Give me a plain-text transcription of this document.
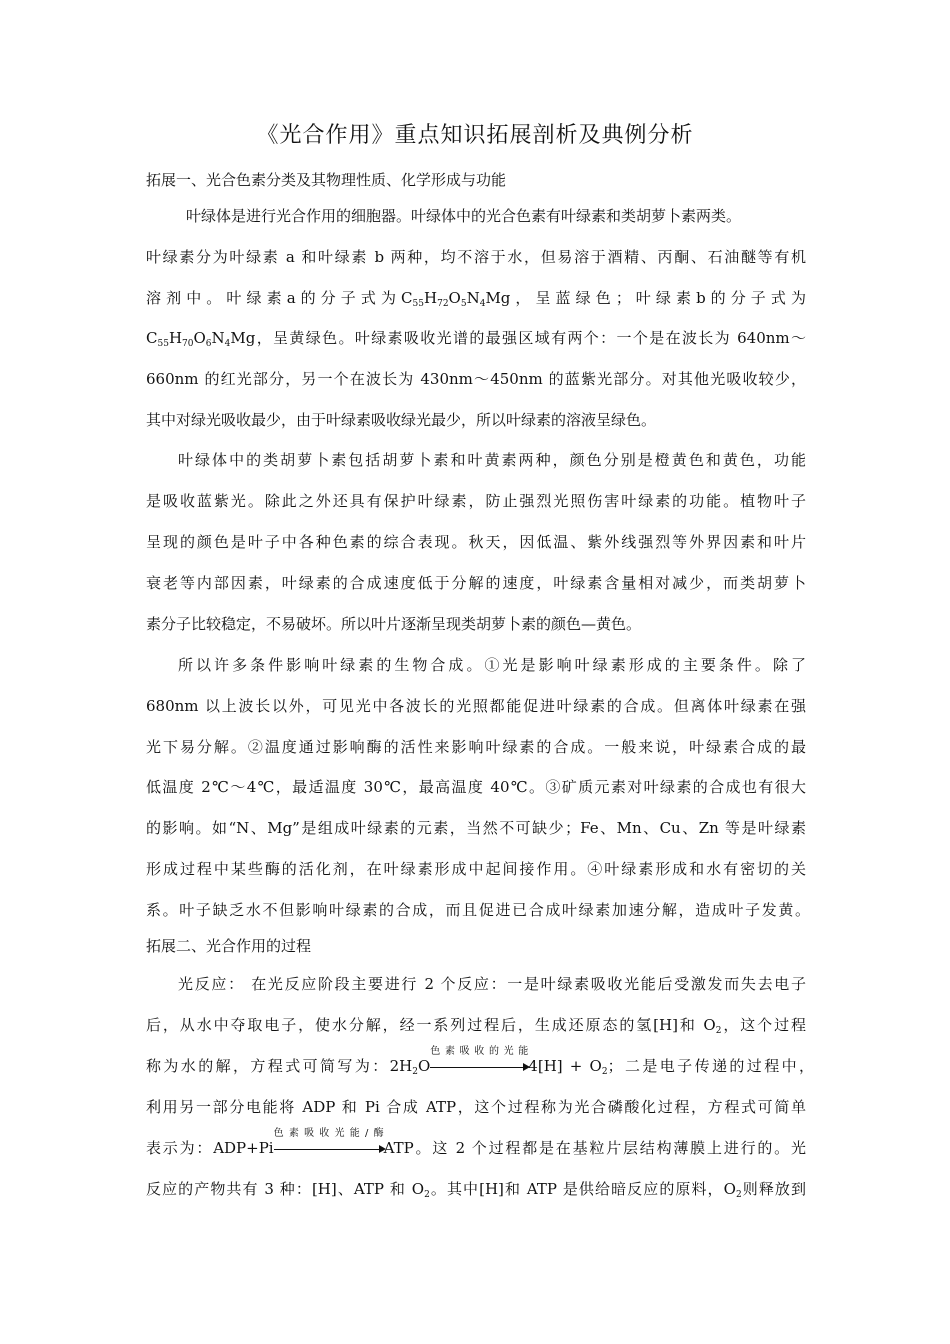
《光合作用》重点知识拓展剖析及典例分析
拓展一、光合色素分类及其物理性质、化学形成与功能
叶绿体是进行光合作用的细胞器。叶绿体中的光合色素有叶绿素和类胡萝卜素两类。
叶绿素分为叶绿素 a 和叶绿素 b 两种，均不溶于水，但易溶于酒精、丙酮、石油醚等有机
溶 剂 中 。 叶 绿 素 a 的 分 子 式 为 $C_{55}H_{72}O_5N_4Mg$ ， 呈 蓝 绿 色 ； 叶 绿 素 b 的 分 子 式 为
$C_{55}H_{70}O_6N_4Mg$，呈黄绿色。叶绿素吸收光谱的最强区域有两个：一个是在波长为 640nm～
660nm 的红光部分，另一个在波长为 430nm～450nm 的蓝紫光部分。对其他光吸收较少，
其中对绿光吸收最少，由于叶绿素吸收绿光最少，所以叶绿素的溶液呈绿色。
叶绿体中的类胡萝卜素包括胡萝卜素和叶黄素两种，颜色分别是橙黄色和黄色，功能
是吸收蓝紫光。除此之外还具有保护叶绿素，防止强烈光照伤害叶绿素的功能。植物叶子
呈现的颜色是叶子中各种色素的综合表现。秋天，因低温、紫外线强烈等外界因素和叶片
衰老等内部因素，叶绿素的合成速度低于分解的速度，叶绿素含量相对减少，而类胡萝卜
素分子比较稳定，不易破坏。所以叶片逐渐呈现类胡萝卜素的颜色—黄色。
所以许多条件影响叶绿素的生物合成。①光是影响叶绿素形成的主要条件。除了
680nm 以上波长以外，可见光中各波长的光照都能促进叶绿素的合成。但离体叶绿素在强
光下易分解。②温度通过影响酶的活性来影响叶绿素的合成。一般来说，叶绿素合成的最
低温度 2℃～4℃，最适温度 30℃，最高温度 40℃。③矿质元素对叶绿素的合成也有很大
的影响。如“N、Mg”是组成叶绿素的元素，当然不可缺少；Fe、Mn、Cu、Zn 等是叶绿素
形成过程中某些酶的活化剂，在叶绿素形成中起间接作用。④叶绿素形成和水有密切的关
系。叶子缺乏水不但影响叶绿素的合成，而且促进已合成叶绿素加速分解，造成叶子发黄。
拓展二、光合作用的过程
光反应： 在光反应阶段主要进行 2 个反应：一是叶绿素吸收光能后受激发而失去电子
后，从水中夺取电子，使水分解，经一系列过程后，生成还原态的氢[H]和 $O_2$，这个过程
称为水的解，方程式可简写为：$2H_2O$
色素吸收的光能
$4[H] + O_2$；二是电子传递的过程中，
利用另一部分电能将 ADP 和 Pi 合成 ATP，这个过程称为光合磷酸化过程，方程式可简单
表示为：ADP+Pi
色素吸收光能/酶
ATP。这 2 个过程都是在基粒片层结构薄膜上进行的。光
反应的产物共有 3 种：[H]、ATP 和 $O_2$。其中[H]和 ATP 是供给暗反应的原料，$O_2$则释放到
